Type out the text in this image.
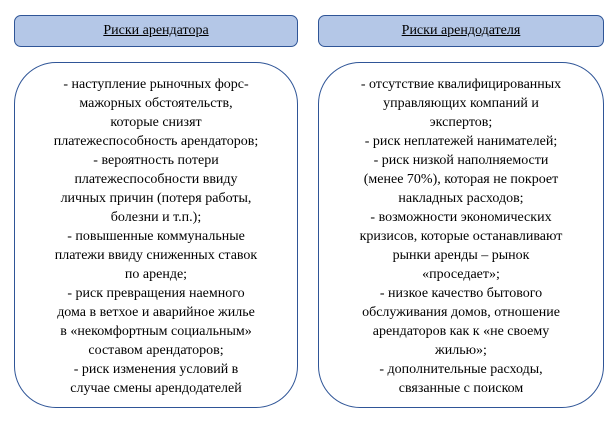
Риски арендатора	Риски арендодателя
- наступление рыночных форс-
мажорных обстоятельств,
которые снизят
платежеспособность арендаторов;
- вероятность потери
платежеспособности ввиду
личных причин (потеря работы,
болезни и т.п.);
- повышенные коммунальные
платежи ввиду сниженных ставок
по аренде;
- риск превращения наемного
дома в ветхое и аварийное жилье
в «некомфортным социальным»
составом арендаторов;
- риск изменения условий в
случае смены арендодателей
- отсутствие квалифицированных
управляющих компаний и
экспертов;
- риск неплатежей нанимателей;
- риск низкой наполняемости
(менее 70%), которая не покроет
накладных расходов;
- возможности экономических
кризисов, которые останавливают
рынки аренды – рынок
«проседает»;
- низкое качество бытового
обслуживания домов, отношение
арендаторов как к «не своему
жилью»;
- дополнительные расходы,
связанные с поиском
